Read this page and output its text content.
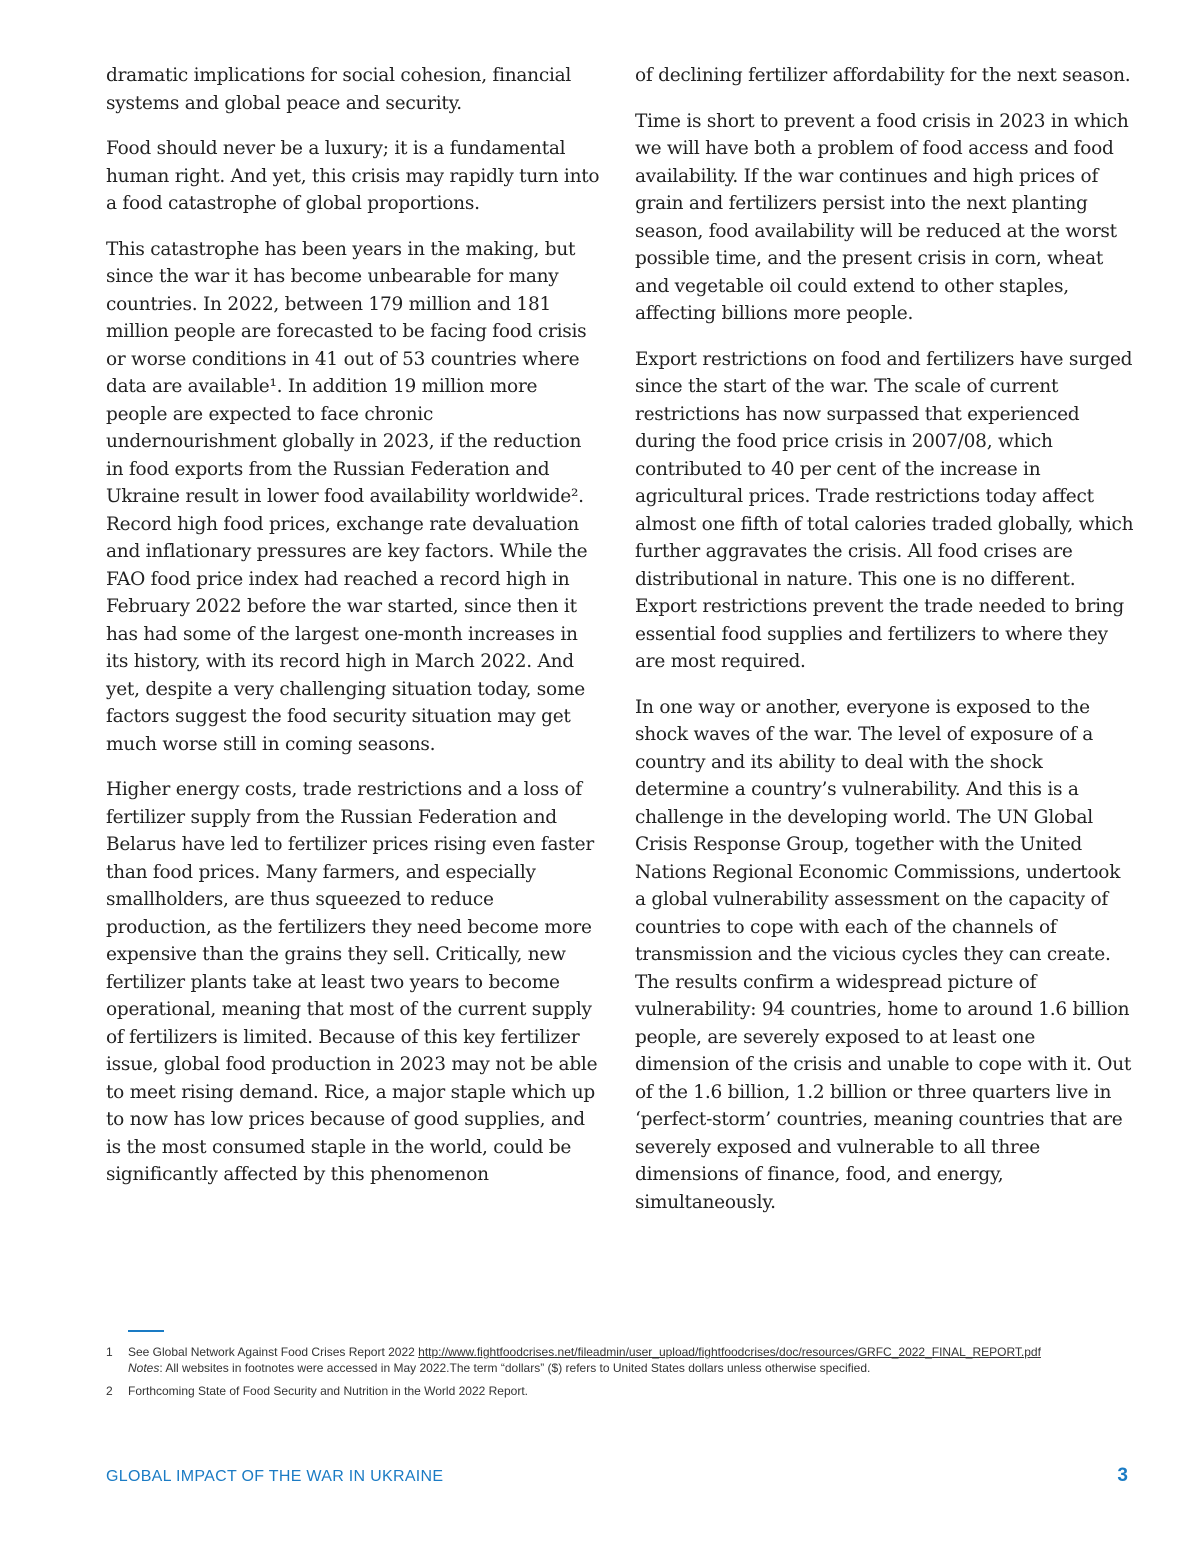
dramatic implications for social cohesion, financial systems and global peace and security.

Food should never be a luxury; it is a fundamental human right. And yet, this crisis may rapidly turn into a food catastrophe of global proportions.

This catastrophe has been years in the making, but since the war it has become unbearable for many countries. In 2022, between 179 million and 181 million people are forecasted to be facing food crisis or worse conditions in 41 out of 53 countries where data are available¹. In addition 19 million more people are expected to face chronic undernourishment globally in 2023, if the reduction in food exports from the Russian Federation and Ukraine result in lower food availability worldwide². Record high food prices, exchange rate devaluation and inflationary pressures are key factors. While the FAO food price index had reached a record high in February 2022 before the war started, since then it has had some of the largest one-month increases in its history, with its record high in March 2022. And yet, despite a very challenging situation today, some factors suggest the food security situation may get much worse still in coming seasons.

Higher energy costs, trade restrictions and a loss of fertilizer supply from the Russian Federation and Belarus have led to fertilizer prices rising even faster than food prices. Many farmers, and especially smallholders, are thus squeezed to reduce production, as the fertilizers they need become more expensive than the grains they sell. Critically, new fertilizer plants take at least two years to become operational, meaning that most of the current supply of fertilizers is limited. Because of this key fertilizer issue, global food production in 2023 may not be able to meet rising demand. Rice, a major staple which up to now has low prices because of good supplies, and is the most consumed staple in the world, could be significantly affected by this phenomenon

of declining fertilizer affordability for the next season.

Time is short to prevent a food crisis in 2023 in which we will have both a problem of food access and food availability. If the war continues and high prices of grain and fertilizers persist into the next planting season, food availability will be reduced at the worst possible time, and the present crisis in corn, wheat and vegetable oil could extend to other staples, affecting billions more people.

Export restrictions on food and fertilizers have surged since the start of the war. The scale of current restrictions has now surpassed that experienced during the food price crisis in 2007/08, which contributed to 40 per cent of the increase in agricultural prices. Trade restrictions today affect almost one fifth of total calories traded globally, which further aggravates the crisis. All food crises are distributional in nature. This one is no different. Export restrictions prevent the trade needed to bring essential food supplies and fertilizers to where they are most required.

In one way or another, everyone is exposed to the shock waves of the war. The level of exposure of a country and its ability to deal with the shock determine a country’s vulnerability. And this is a challenge in the developing world. The UN Global Crisis Response Group, together with the United Nations Regional Economic Commissions, undertook a global vulnerability assessment on the capacity of countries to cope with each of the channels of transmission and the vicious cycles they can create. The results confirm a widespread picture of vulnerability: 94 countries, home to around 1.6 billion people, are severely exposed to at least one dimension of the crisis and unable to cope with it. Out of the 1.6 billion, 1.2 billion or three quarters live in ‘perfect-storm’ countries, meaning countries that are severely exposed and vulnerable to all three dimensions of finance, food, and energy, simultaneously.

1	See Global Network Against Food Crises Report 2022 http://www.fightfoodcrises.net/fileadmin/user_upload/fightfoodcrises/doc/resources/GRFC_2022_FINAL_REPORT.pdf
Notes: All websites in footnotes were accessed in May 2022.The term “dollars” ($) refers to United States dollars unless otherwise specified.
2	Forthcoming State of Food Security and Nutrition in the World 2022 Report.
GLOBAL IMPACT OF THE WAR IN UKRAINE	3
